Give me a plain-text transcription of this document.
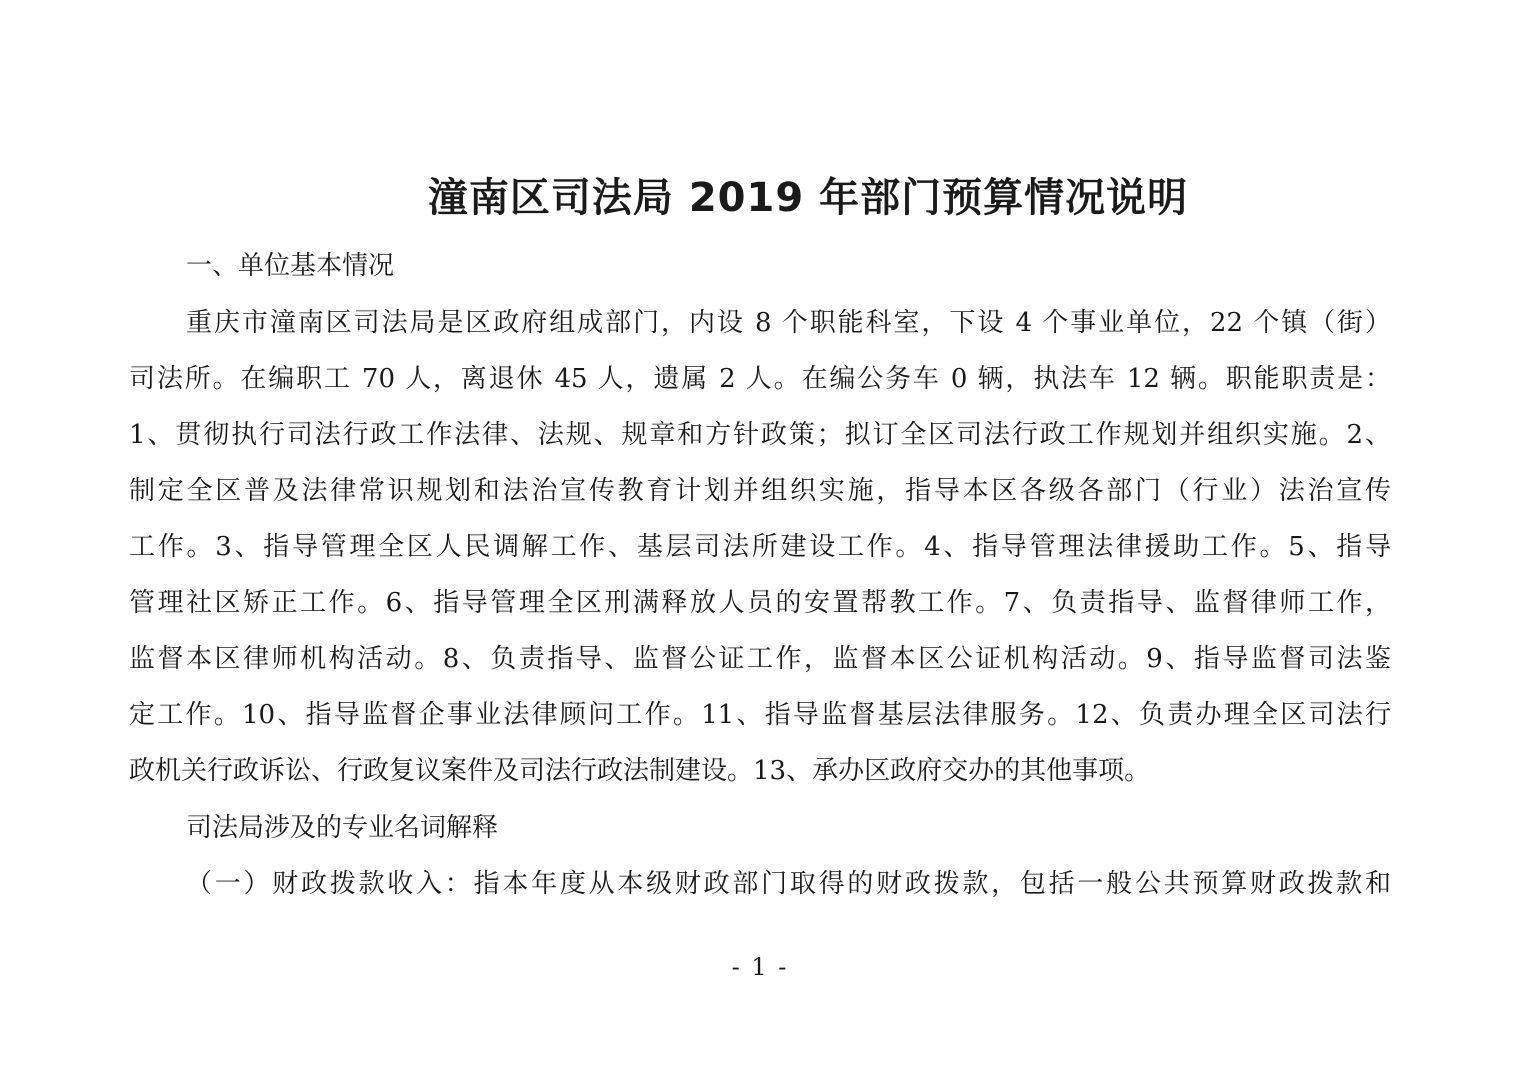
潼南区司法局 2019 年部门预算情况说明
一、单位基本情况
重庆市潼南区司法局是区政府组成部门，内设 8 个职能科室，下设 4 个事业单位，22 个镇（街）
司法所。在编职工 70 人，离退休 45 人，遗属 2 人。在编公务车 0 辆，执法车 12 辆。职能职责是：
1、贯彻执行司法行政工作法律、法规、规章和方针政策；拟订全区司法行政工作规划并组织实施。2、
制定全区普及法律常识规划和法治宣传教育计划并组织实施，指导本区各级各部门（行业）法治宣传
工作。3、指导管理全区人民调解工作、基层司法所建设工作。4、指导管理法律援助工作。5、指导
管理社区矫正工作。6、指导管理全区刑满释放人员的安置帮教工作。7、负责指导、监督律师工作，
监督本区律师机构活动。8、负责指导、监督公证工作，监督本区公证机构活动。9、指导监督司法鉴
定工作。10、指导监督企事业法律顾问工作。11、指导监督基层法律服务。12、负责办理全区司法行
政机关行政诉讼、行政复议案件及司法行政法制建设。13、承办区政府交办的其他事项。
司法局涉及的专业名词解释
（一）财政拨款收入：指本年度从本级财政部门取得的财政拨款，包括一般公共预算财政拨款和
- 1 -
